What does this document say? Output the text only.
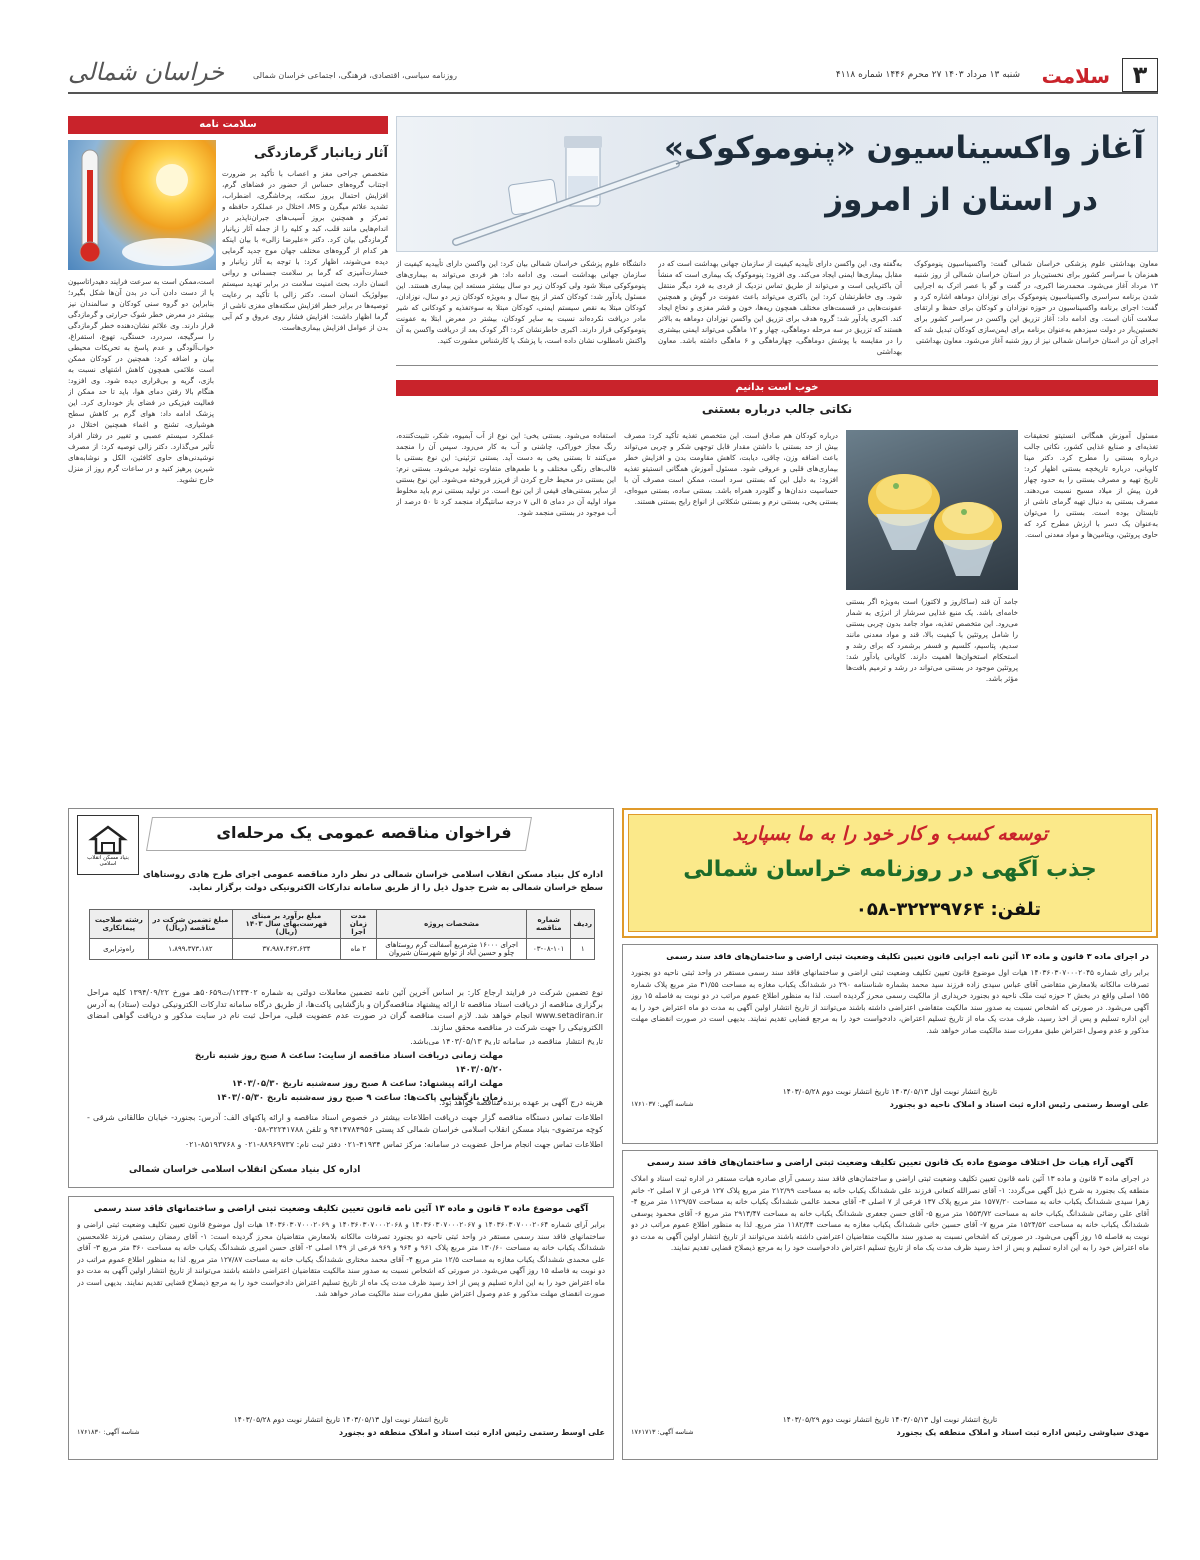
۳
سلامت
شنبه ۱۳ مرداد ۱۴۰۳ ۲۷ محرم ۱۴۴۶ شماره ۴۱۱۸
روزنامه سیاسی، اقتصادی، فرهنگی، اجتماعی خراسان شمالی
خراسان شمالی
آغاز واکسیناسیون «پنوموکوک»
در استان از امروز
معاون بهداشتی علوم پزشکی خراسان شمالی گفت: واکسیناسیون پنوموکوک همزمان با سراسر کشور برای نخستین‌بار در استان خراسان شمالی از روز شنبه ۱۳ مرداد آغاز می‌شود. محمدرضا اکبری، در گفت و گو با عصر اترک به اجرایی شدن برنامه سراسری واکسیناسیون پنوموکوک برای نوزادان دوماهه اشاره کرد و گفت: اجرای برنامه واکسیناسیون در حوزه نوزادان و کودکان برای حفظ و ارتقای سلامت آنان است. وی ادامه داد: آغاز تزریق این واکسن در سراسر کشور برای نخستین‌بار در دولت سیزدهم به‌عنوان برنامه برای ایمن‌سازی کودکان تبدیل شد که اجرای آن در استان خراسان شمالی نیز از روز شنبه آغاز می‌شود. معاون بهداشتی
به‌گفته وی، این واکسن دارای تأییدیه کیفیت از سازمان جهانی بهداشت است که در مقابل بیماری‌ها ایمنی ایجاد می‌کند. وی افزود: پنوموکوک یک بیماری است که منشأ آن باکتریایی است و می‌تواند از طریق تماس نزدیک از فردی به فرد دیگر منتقل شود. وی خاطرنشان کرد: این باکتری می‌تواند باعث عفونت در گوش و همچنین عفونت‌هایی در قسمت‌های مختلف همچون ریه‌ها، خون و قشر مغزی و نخاع ایجاد کند. اکبری یادآور شد: گروه هدف برای تزریق این واکسن نوزادان دوماهه به بالاتر هستند که تزریق در سه مرحله دوماهگی، چهار و ۱۲ ماهگی می‌تواند ایمنی بیشتری را در مقایسه با پوشش دوماهگی، چهارماهگی و ۶ ماهگی داشته باشد. معاون بهداشتی
دانشگاه علوم پزشکی خراسان شمالی بیان کرد: این واکسن دارای تأییدیه کیفیت از سازمان جهانی بهداشت است. وی ادامه داد: هر فردی می‌تواند به بیماری‌های پنوموکوکی مبتلا شود ولی کودکان زیر دو سال بیشتر مستعد این بیماری هستند. این مسئول یادآور شد: کودکان کمتر از پنج سال و به‌ویژه کودکان زیر دو سال، نوزادان، کودکان مبتلا به نقص سیستم ایمنی، کودکان مبتلا به سوءتغذیه و کودکانی که شیر مادر دریافت نکرده‌اند نسبت به سایر کودکان، بیشتر در معرض ابتلا به عفونت پنوموکوکی قرار دارند. اکبری خاطرنشان کرد: اگر کودک بعد از دریافت واکسن به آن واکنش نامطلوب نشان داده است، با پزشک یا کارشناس مشورت کنید.
سلامت نامه
آثار زیانبار گرمازدگی
متخصص جراحی مغز و اعصاب با تأکید بر ضرورت اجتناب گروه‌های حساس از حضور در فضاهای گرم، افزایش احتمال بروز سکته، پرخاشگری، اضطراب، تشدید علائم میگرن و MS، اختلال در عملکرد حافظه و تمرکز و همچنین بروز آسیب‌های جبران‌ناپذیر در اندام‌هایی مانند قلب، کبد و کلیه را از جمله آثار زیانبار گرمازدگی بیان کرد. دکتر «علیرضا زالی» با بیان اینکه هر کدام از گروه‌های مختلف جهان موج جدید گرمایی دیده می‌شوند، اظهار کرد: با توجه به آثار زیانبار و خسارت‌آمیزی که گرما بر سلامت جسمانی و روانی انسان دارد، بحث امنیت سلامت در برابر تهدید سیستم بیولوژیک انسان است. دکتر زالی با تأکید بر رعایت توصیه‌ها در برابر خطر افزایش سکته‌های مغزی ناشی از گرما اظهار داشت: افزایش فشار روی عروق و کم آبی بدن از عوامل افزایش بیماری‌هاست.
است،ممکن است به سرعت فرایند دهیدراتاسیون یا از دست دادن آب در بدن آن‌ها شکل بگیرد؛ بنابراین دو گروه سنی کودکان و سالمندان نیز بیشتر در معرض خطر شوک حرارتی و گرمازدگی قرار دارند. وی علائم نشان‌دهنده خطر گرمازدگی را سرگیجه، سردرد، خستگی، تهوع، استفراغ، خواب‌آلودگی و عدم پاسخ به تحریکات محیطی بیان و اضافه کرد: همچنین در کودکان ممکن است علائمی همچون کاهش اشتهای نسبت به بازی، گریه و بی‌قراری دیده شود. وی افزود: هنگام بالا رفتن دمای هوا، باید تا حد ممکن از فعالیت فیزیکی در فضای باز خودداری کرد. این پزشک ادامه داد: هوای گرم بر کاهش سطح هوشیاری، تشنج و اغماء همچنین اختلال در عملکرد سیستم عصبی و تغییر در رفتار افراد تأثیر می‌گذارد. دکتر زالی توصیه کرد: از مصرف نوشیدنی‌های حاوی کافئین، الکل و نوشابه‌های شیرین پرهیز کنید و در ساعات گرم روز از منزل خارج نشوید.
خوب است بدانیم
نکاتی جالب درباره بستنی
مسئول آموزش همگانی انستیتو تحقیقات تغذیه‌ای و صنایع غذایی کشور، نکاتی جالب درباره بستنی را مطرح کرد. دکتر مینا کاویانی، درباره تاریخچه بستنی اظهار کرد: تاریخ تهیه و مصرف بستنی را به حدود چهار قرن پیش از میلاد مسیح نسبت می‌دهند. مصرف بستنی به دنبال تهیه گرمای ناشی از تابستان بوده است. بستنی را می‌توان به‌عنوان یک دسر با ارزش مطرح کرد که حاوی پروتئین، ویتامین‌ها و مواد معدنی است.
جامد آن قند (ساکاروز و لاکتوز) است به‌ویژه اگر بستنی خامه‌ای باشد. یک منبع غذایی سرشار از انرژی به شمار می‌رود. این متخصص تغذیه، مواد جامد بدون چربی بستنی را شامل پروتئین با کیفیت بالا، قند و مواد معدنی مانند سدیم، پتاسیم، کلسیم و فسفر برشمرد که برای رشد و استحکام استخوان‌ها اهمیت دارند. کاویانی یادآور شد: پروتئین موجود در بستنی می‌تواند در رشد و ترمیم بافت‌ها مؤثر باشد.
درباره کودکان هم صادق است. این متخصص تغذیه تأکید کرد: مصرف بیش از حد بستنی با داشتن مقدار قابل توجهی شکر و چربی می‌تواند باعث اضافه وزن، چاقی، دیابت، کاهش مقاومت بدن و افزایش خطر بیماری‌های قلبی و عروقی شود. مسئول آموزش همگانی انستیتو تغذیه افزود: به دلیل این که بستنی سرد است، ممکن است مصرف آن با حساسیت دندان‌ها و گلودرد همراه باشد. بستنی ساده، بستنی میوه‌ای، بستنی یخی، بستنی نرم و بستنی شکلاتی از انواع رایج بستنی هستند.
استفاده می‌شود. بستنی یخی: این نوع از آب آبمیوه، شکر، تثبیت‌کننده، رنگ مجاز خوراکی، چاشنی و آب به کار می‌رود. سپس آن را منجمد می‌کنند تا بستنی یخی به دست آید. بستنی تزئینی: این نوع بستنی با قالب‌های رنگی مختلف و با طعم‌های متفاوت تولید می‌شود. بستنی نرم: این بستنی در محیط خارج کردن از فریزر فروخته می‌شود. این نوع بستنی از سایر بستنی‌های قیفی از این نوع است. در تولید بستنی نرم باید مخلوط مواد اولیه آن در دمای ۵ الی ۷ درجه سانتیگراد منجمد کرد تا ۵۰ درصد از آب موجود در بستنی منجمد شود.
فراخوان مناقصه عمومی یک مرحله‌ای
بنیاد مسکن انقلاب اسلامی
اداره کل بنیاد مسکن انقلاب اسلامی خراسان شمالی در نظر دارد مناقصه عمومی اجرای طرح هادی روستاهای سطح خراسان شمالی به شرح جدول ذیل را از طریق سامانه تدارکات الکترونیکی دولت برگزار نماید.
ردیف	شماره مناقصه	مشخصات پروژه	مدت زمان اجرا	مبلغ برآورد بر مبنای فهرست‌بهای سال ۱۴۰۳ (ریال)	مبلغ تضمین شرکت در مناقصه (ریال)	رشته صلاحیت پیمانکاری
۱	۰۳-۰۸-۱۰۱	اجرای ۱۶۰۰۰ مترمربع آسفالت گرم روستاهای چلو و حسین آباد از توابع شهرستان شیروان	۲ ماه	۳۷،۹۸۷،۴۶۳،۶۳۴	۱،۸۹۹،۳۷۳،۱۸۲	راه‌وترابری

نوع تضمین شرکت در فرایند ارجاع کار: بر اساس آخرین آئین نامه تضمین معاملات دولتی به شماره ۱۲۳۴۰۲/ت۵۰۶۵۹هـ مورخ ۱۳۹۴/۰۹/۲۲ کلیه مراحل برگزاری مناقصه از دریافت اسناد مناقصه تا ارائه پیشنهاد مناقصه‌گران و بازگشایی پاکت‌ها، از طریق درگاه سامانه تدارکات الکترونیکی دولت (ستاد) به آدرس www.setadiran.ir انجام خواهد شد. لازم است مناقصه گران در صورت عدم عضویت قبلی، مراحل ثبت نام در سایت مذکور و دریافت گواهی امضای الکترونیکی را جهت شرکت در مناقصه محقق سازند.

تاریخ انتشار مناقصه در سامانه تاریخ ۱۴۰۳/۰۵/۱۳ می‌باشد.

مهلت زمانی دریافت اسناد مناقصه از سایت: ساعت ۸ صبح روز شنبه تاریخ ۱۴۰۳/۰۵/۲۰
مهلت ارائه پیشنهاد: ساعت ۸ صبح روز سه‌شنبه تاریخ ۱۴۰۳/۰۵/۳۰
زمان بازگشایی پاکت‌ها: ساعت ۹ صبح روز سه‌شنبه تاریخ ۱۴۰۳/۰۵/۳۰

هزینه درج آگهی بر عهده برنده مناقصه خواهد بود.

اطلاعات تماس دستگاه مناقصه گزار جهت دریافت اطلاعات بیشتر در خصوص اسناد مناقصه و ارائه پاکتهای الف: آدرس: بجنورد- خیابان طالقانی شرقی - کوچه مرتضوی- بنیاد مسکن انقلاب اسلامی خراسان شمالی کد پستی ۹۴۱۴۷۸۴۹۵۶ و تلفن ۳۲۲۴۱۷۸۸-۰۵۸

اطلاعات تماس جهت انجام مراحل عضویت در سامانه: مرکز تماس ۴۱۹۳۴-۰۲۱ دفتر ثبت نام: ۸۸۹۶۹۷۳۷-۰۲۱ و ۸۵۱۹۳۷۶۸-۰۲۱

اداره کل بنیاد مسکن انقلاب اسلامی خراسان شمالی
توسعه کسب و کار خود را به ما بسپارید
جذب آگهی در روزنامه خراسان شمالی
تلفن: ۳۲۲۳۹۷۶۴-۰۵۸
در اجرای ماده ۳ قانون و ماده ۱۳ آئین نامه اجرایی قانون تعیین تکلیف وضعیت ثبتی اراضی و ساختمان‌های فاقد سند رسمی
برابر رای شماره ۱۴۰۳۶۰۳۰۷۰۰۰۲۰۴۵ هیات اول موضوع قانون تعیین تکلیف وضعیت ثبتی اراضی و ساختمانهای فاقد سند رسمی مستقر در واحد ثبتی ناحیه دو بجنورد تصرفات مالکانه بلامعارض متقاضی آقای عباس سیدی زاده فرزند سید محمد بشماره شناسنامه ۲۹۰ در ششدانگ یکباب مغازه به مساحت ۳۱/۵۵ متر مربع پلاک شماره ۱۵۵ اصلی واقع در بخش ۲ حوزه ثبت ملک ناحیه دو بجنورد خریداری از مالکیت رسمی محرز گردیده است. لذا به منظور اطلاع عموم مراتب در دو نوبت به فاصله ۱۵ روز آگهی می‌شود. در صورتی که اشخاص نسبت به صدور سند مالکیت متقاضی اعتراضی داشته باشند می‌توانند از تاریخ انتشار اولین آگهی به مدت دو ماه اعتراض خود را به این اداره تسلیم و پس از اخذ رسید، ظرف مدت یک ماه از تاریخ تسلیم اعتراض، دادخواست خود را به مرجع قضایی تقدیم نمایند. بدیهی است در صورت انقضای مهلت مذکور و عدم وصول اعتراض طبق مقررات سند مالکیت صادر خواهد شد.
تاریخ انتشار نوبت اول ۱۴۰۳/۰۵/۱۳ تاریخ انتشار نوبت دوم ۱۴۰۳/۰۵/۲۸
علی اوسط رستمی رئیس اداره ثبت اسناد و املاک ناحیه دو بجنورد
شناسه آگهی: ۱۷۶۱۰۳۷
آگهی آراء هیات حل اختلاف موضوع ماده یک قانون تعیین تکلیف وضعیت ثبتی اراضی و ساختمان‌های فاقد سند رسمی
در اجرای ماده ۳ قانون و ماده ۱۳ آئین نامه قانون تعیین تکلیف وضعیت ثبتی اراضی و ساختمان‌های فاقد سند رسمی آرای صادره هیات مستقر در اداره ثبت اسناد و املاک منطقه یک بجنورد به شرح ذیل آگهی می‌گردد: ۱- آقای نصرالله کنعانی فرزند علی ششدانگ یکباب خانه به مساحت ۲۱۲/۹۹ متر مربع پلاک ۱۲۷ فرعی از ۷ اصلی ۲- خانم زهرا سیدی ششدانگ یکباب خانه به مساحت ۱۵۷۷/۲۰ متر مربع پلاک ۱۳۷ فرعی از ۷ اصلی ۳- آقای محمد عالمی ششدانگ یکباب خانه به مساحت ۱۱۲۹/۵۷ متر مربع ۴- آقای علی رضائی ششدانگ یکباب خانه به مساحت ۱۵۵۳/۷۲ متر مربع ۵- آقای حسن جعفری ششدانگ یکباب خانه به مساحت ۲۹۱۳/۴۷ متر مربع ۶- آقای محمود یوسفی ششدانگ یکباب خانه به مساحت ۱۵۲۴/۵۲ متر مربع ۷- آقای حسین خانی ششدانگ یکباب مغازه به مساحت ۱۱۸۲/۴۴ متر مربع. لذا به منظور اطلاع عموم مراتب در دو نوبت به فاصله ۱۵ روز آگهی می‌شود. در صورتی که اشخاص نسبت به صدور سند مالکیت متقاضیان اعتراضی داشته باشند می‌توانند از تاریخ انتشار اولین آگهی به مدت دو ماه اعتراض خود را به این اداره تسلیم و پس از اخذ رسید ظرف مدت یک ماه از تاریخ تسلیم اعتراض دادخواست خود را به مرجع ذیصلاح قضایی تقدیم نمایند.
تاریخ انتشار نوبت اول ۱۴۰۳/۰۵/۱۳ تاریخ انتشار نوبت دوم ۱۴۰۳/۰۵/۲۹
مهدی سیاوشی رئیس اداره ثبت اسناد و املاک منطقه یک بجنورد
شناسه آگهی: ۱۷۶۱۷۱۳
آگهی موضوع ماده ۳ قانون و ماده ۱۳ آئین نامه قانون تعیین تکلیف وضعیت ثبتی اراضی و ساختمانهای فاقد سند رسمی
برابر آرای شماره ۱۴۰۳۶۰۳۰۷۰۰۰۲۰۶۴ و ۱۴۰۳۶۰۳۰۷۰۰۰۲۰۶۷ و ۱۴۰۳۶۰۳۰۷۰۰۰۲۰۶۸ و ۱۴۰۳۶۰۳۰۷۰۰۰۲۰۶۹ هیات اول موضوع قانون تعیین تکلیف وضعیت ثبتی اراضی و ساختمانهای فاقد سند رسمی مستقر در واحد ثبتی ناحیه دو بجنورد تصرفات مالکانه بلامعارض متقاضیان محرز گردیده است: ۱- آقای رمضان رستمی فرزند غلامحسین ششدانگ یکباب خانه به مساحت ۱۳۰/۶۰ متر مربع پلاک ۹۶۱ و ۹۶۴ و ۹۶۹ فرعی از ۱۴۹ اصلی ۲- آقای حسن امیری ششدانگ یکباب خانه به مساحت ۳۶۰ متر مربع ۳- آقای علی محمدی ششدانگ یکباب مغازه به مساحت ۱۲/۵ متر مربع ۴- آقای محمد مختاری ششدانگ یکباب خانه به مساحت ۱۲۷/۸۷ متر مربع. لذا به منظور اطلاع عموم مراتب در دو نوبت به فاصله ۱۵ روز آگهی می‌شود. در صورتی که اشخاص نسبت به صدور سند مالکیت متقاضیان اعتراضی داشته باشند می‌توانند از تاریخ انتشار اولین آگهی به مدت دو ماه اعتراض خود را به این اداره تسلیم و پس از اخذ رسید ظرف مدت یک ماه از تاریخ تسلیم اعتراض دادخواست خود را به مرجع ذیصلاح قضایی تقدیم نمایند. بدیهی است در صورت انقضای مهلت مذکور و عدم وصول اعتراض طبق مقررات سند مالکیت صادر خواهد شد.
تاریخ انتشار نوبت اول ۱۴۰۳/۰۵/۱۳ تاریخ انتشار نوبت دوم ۱۴۰۳/۰۵/۲۸
علی اوسط رستمی رئیس اداره ثبت اسناد و املاک منطقه دو بجنورد
شناسه آگهی: ۱۷۶۱۸۳۰
